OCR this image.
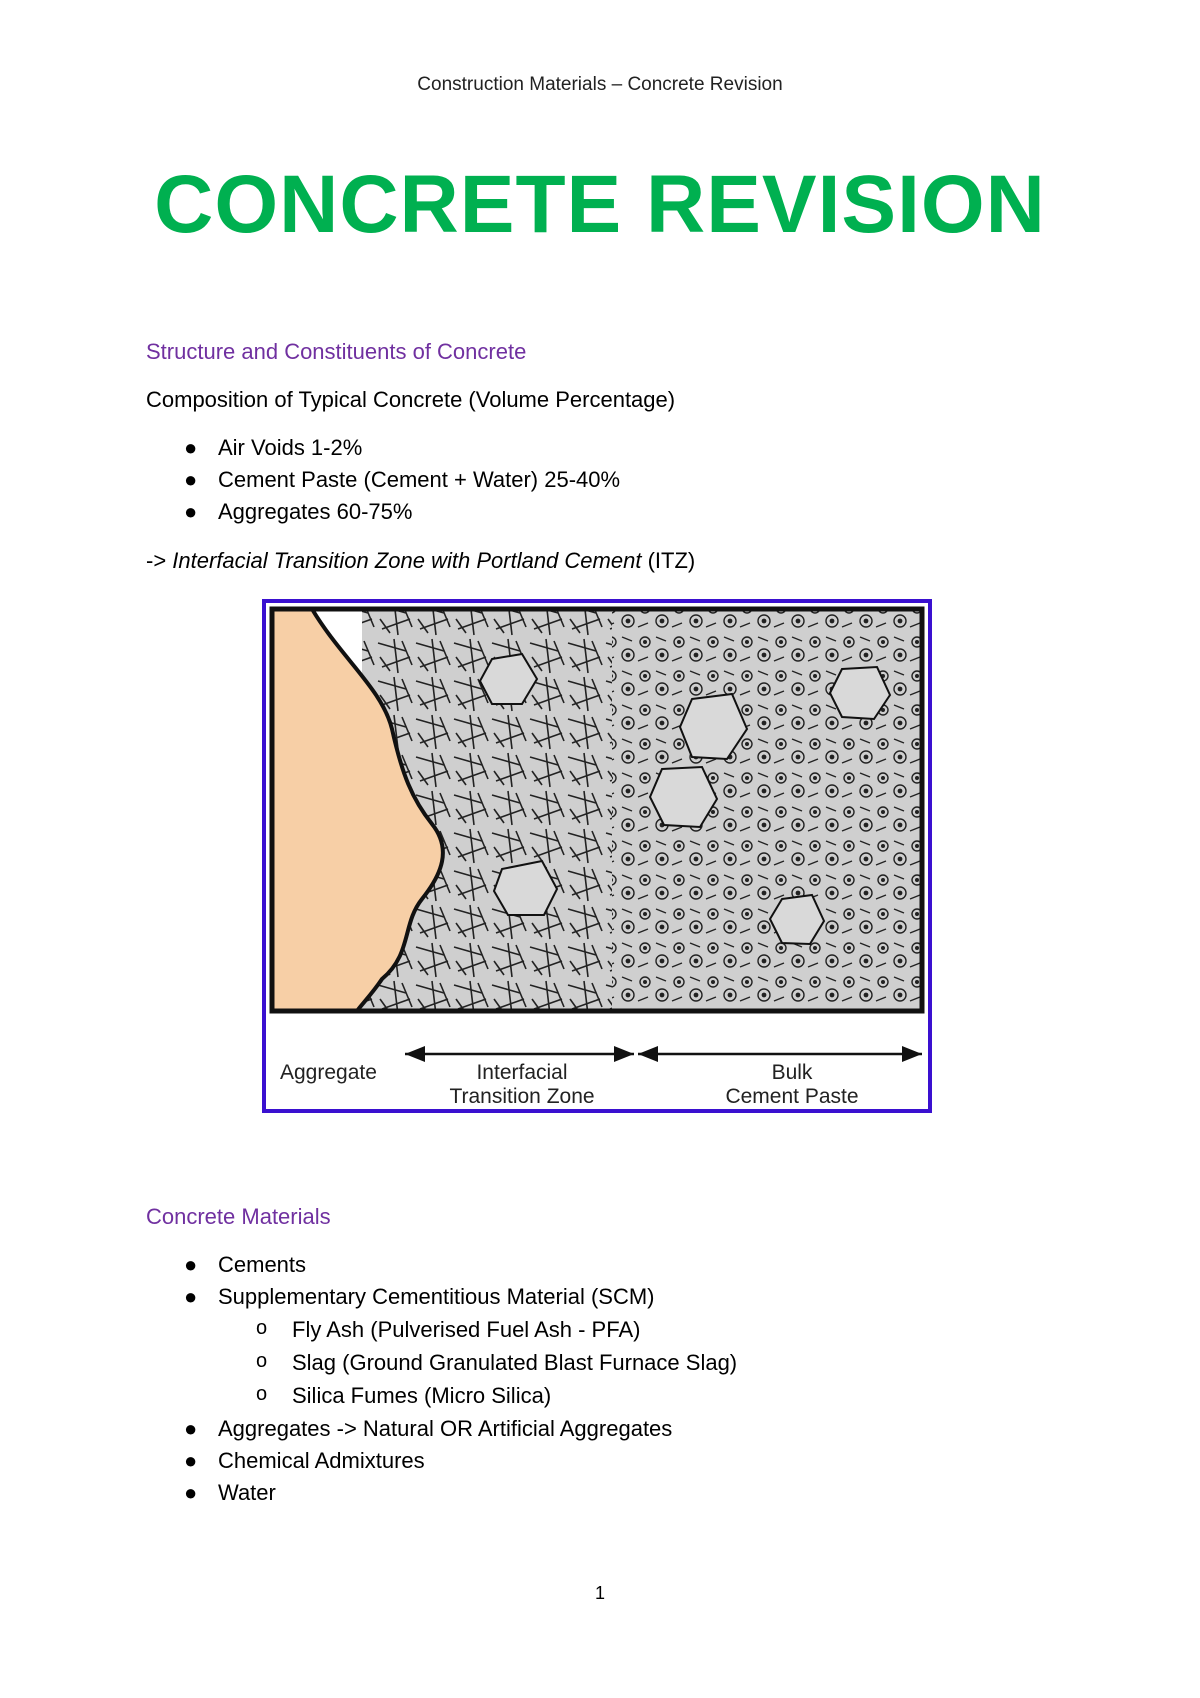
Construction Materials – Concrete Revision
CONCRETE REVISION
Structure and Constituents of Concrete
Composition of Typical Concrete (Volume Percentage)
● Air Voids 1-2%
● Cement Paste (Cement + Water) 25-40%
● Aggregates 60-75%
-> Interfacial Transition Zone with Portland Cement (ITZ)
Aggregate	Interfacial
Transition Zone
Bulk
Cement Paste
Concrete Materials
● Cements
● Supplementary Cementitious Material (SCM)
o Fly Ash (Pulverised Fuel Ash - PFA)
o Slag (Ground Granulated Blast Furnace Slag)
o Silica Fumes (Micro Silica)
● Aggregates -> Natural OR Artificial Aggregates
● Chemical Admixtures
● Water
1
